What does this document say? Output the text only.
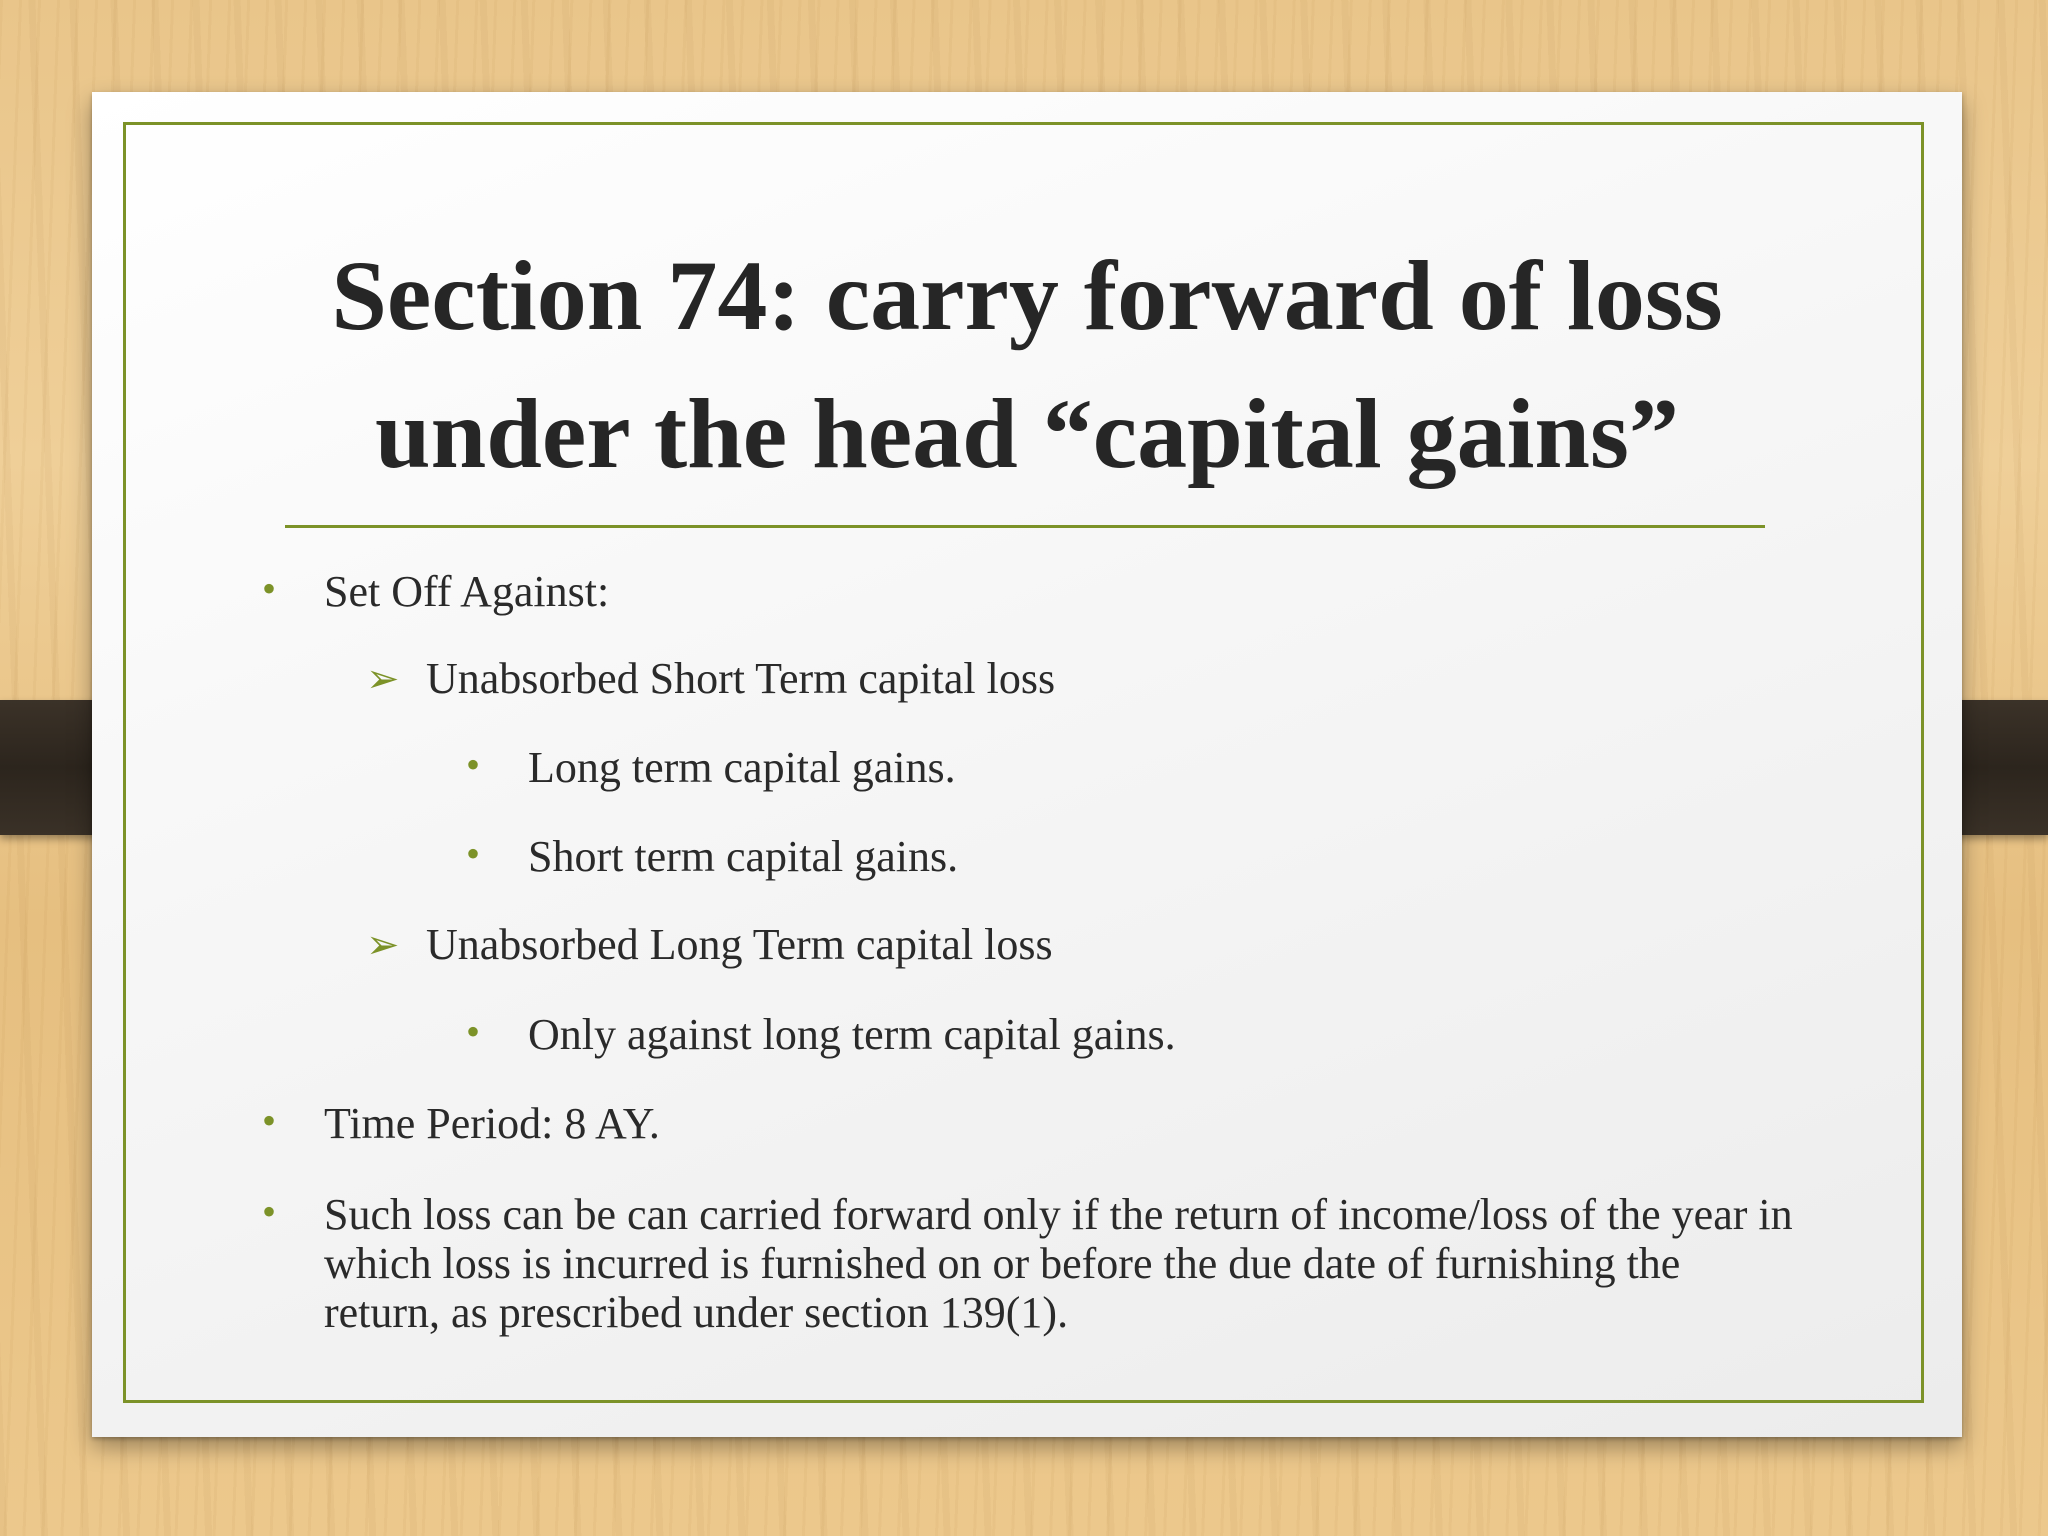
Section 74: carry forward of loss
under the head “capital gains”
• Set Off Against:
➢ Unabsorbed Short Term capital loss
• Long term capital gains.
• Short term capital gains.
➢ Unabsorbed Long Term capital loss
• Only against long term capital gains.
• Time Period: 8 AY.
• Such loss can be can carried forward only if the return of income/loss of the year in which loss is incurred is furnished on or before the due date of furnishing the return, as prescribed under section 139(1).
